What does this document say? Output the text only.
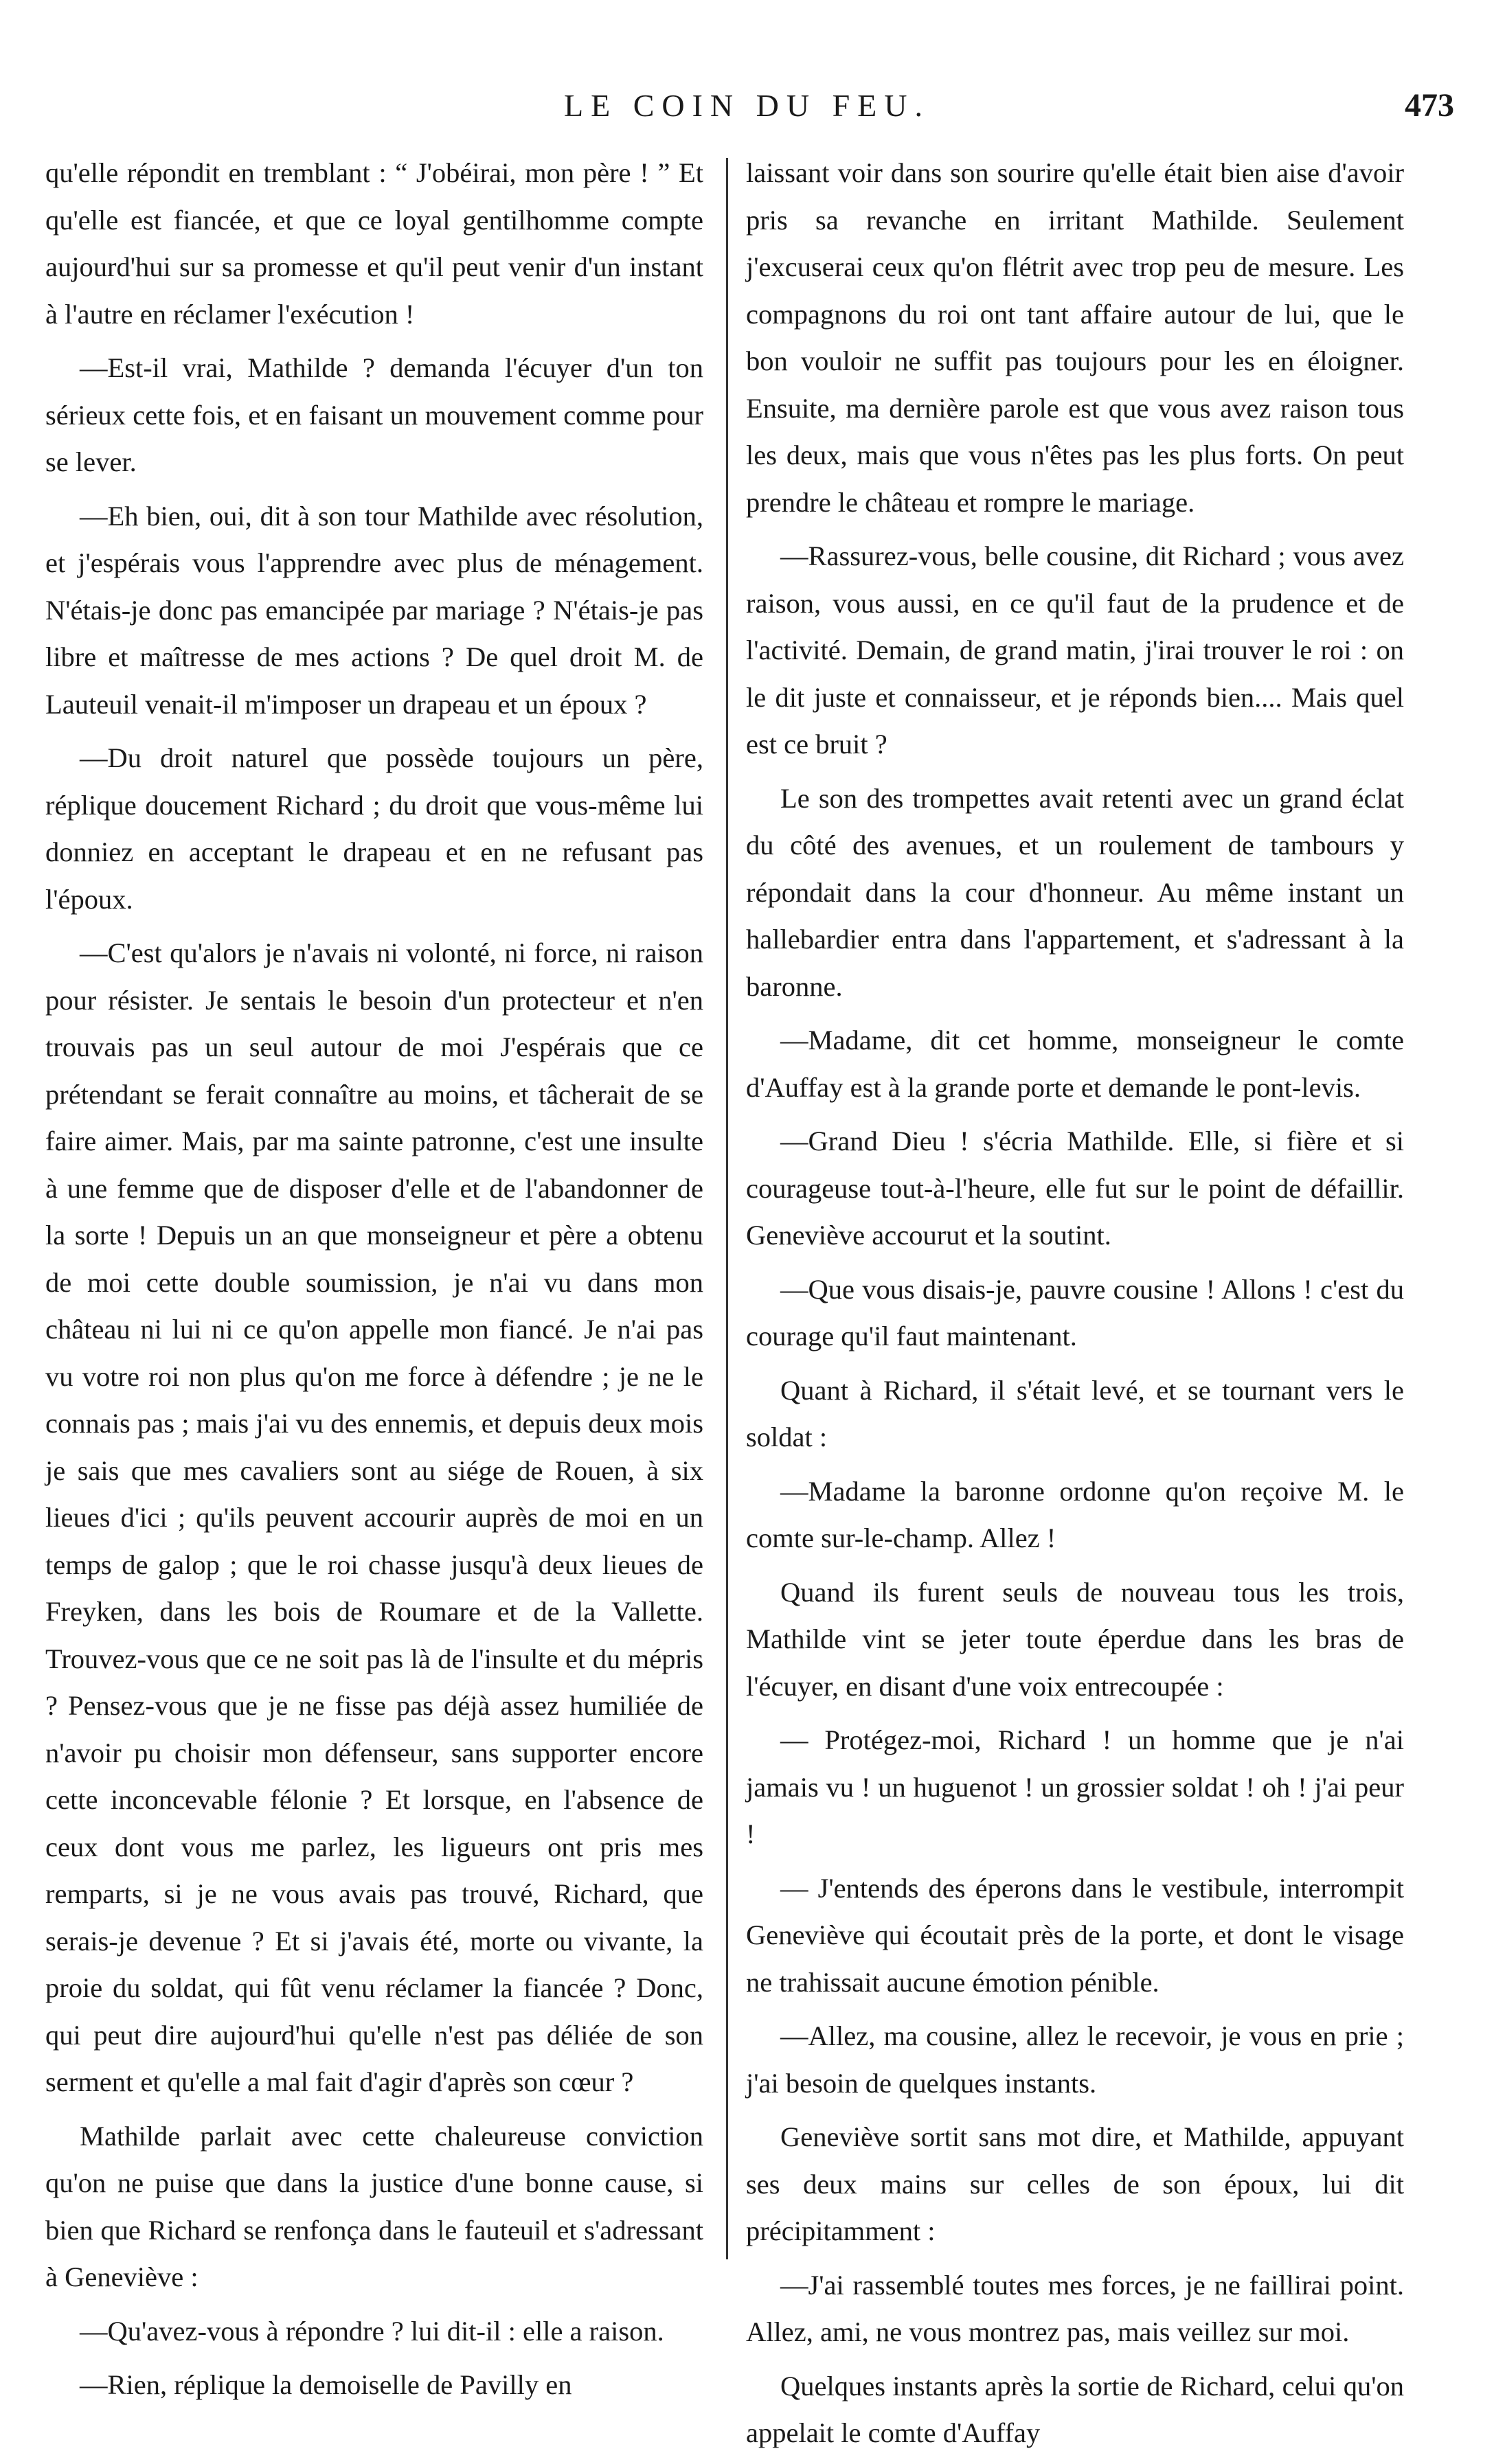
LE COIN DU FEU.	473

qu'elle répondit en tremblant : “ J'obéirai, mon père ! ” Et qu'elle est fiancée, et que ce loyal gentilhomme compte aujourd'hui sur sa promesse et qu'il peut venir d'un instant à l'autre en réclamer l'exécution !

—Est-il vrai, Mathilde ? demanda l'écuyer d'un ton sérieux cette fois, et en faisant un mouvement comme pour se lever.

—Eh bien, oui, dit à son tour Mathilde avec résolution, et j'espérais vous l'apprendre avec plus de ménagement. N'étais-je donc pas emancipée par mariage ? N'étais-je pas libre et maîtresse de mes actions ? De quel droit M. de Lauteuil venait-il m'imposer un drapeau et un époux ?

—Du droit naturel que possède toujours un père, réplique doucement Richard ; du droit que vous-même lui donniez en acceptant le drapeau et en ne refusant pas l'époux.

—C'est qu'alors je n'avais ni volonté, ni force, ni raison pour résister. Je sentais le besoin d'un protecteur et n'en trouvais pas un seul autour de moi J'espérais que ce prétendant se ferait connaître au moins, et tâcherait de se faire aimer. Mais, par ma sainte patronne, c'est une insulte à une femme que de disposer d'elle et de l'abandonner de la sorte ! Depuis un an que monseigneur et père a obtenu de moi cette double soumission, je n'ai vu dans mon château ni lui ni ce qu'on appelle mon fiancé. Je n'ai pas vu votre roi non plus qu'on me force à défendre ; je ne le connais pas ; mais j'ai vu des ennemis, et depuis deux mois je sais que mes cavaliers sont au siége de Rouen, à six lieues d'ici ; qu'ils peuvent accourir auprès de moi en un temps de galop ; que le roi chasse jusqu'à deux lieues de Freyken, dans les bois de Roumare et de la Vallette. Trouvez-vous que ce ne soit pas là de l'insulte et du mépris ? Pensez-vous que je ne fisse pas déjà assez humiliée de n'avoir pu choisir mon défenseur, sans supporter encore cette inconcevable félonie ? Et lorsque, en l'absence de ceux dont vous me parlez, les ligueurs ont pris mes remparts, si je ne vous avais pas trouvé, Richard, que serais-je devenue ? Et si j'avais été, morte ou vivante, la proie du soldat, qui fût venu réclamer la fiancée ? Donc, qui peut dire aujourd'hui qu'elle n'est pas déliée de son serment et qu'elle a mal fait d'agir d'après son cœur ?

Mathilde parlait avec cette chaleureuse conviction qu'on ne puise que dans la justice d'une bonne cause, si bien que Richard se renfonça dans le fauteuil et s'adressant à Geneviève :

—Qu'avez-vous à répondre ? lui dit-il : elle a raison.

—Rien, réplique la demoiselle de Pavilly en

laissant voir dans son sourire qu'elle était bien aise d'avoir pris sa revanche en irritant Mathilde. Seulement j'excuserai ceux qu'on flétrit avec trop peu de mesure. Les compagnons du roi ont tant affaire autour de lui, que le bon vouloir ne suffit pas toujours pour les en éloigner. Ensuite, ma dernière parole est que vous avez raison tous les deux, mais que vous n'êtes pas les plus forts. On peut prendre le château et rompre le mariage.

—Rassurez-vous, belle cousine, dit Richard ; vous avez raison, vous aussi, en ce qu'il faut de la prudence et de l'activité. Demain, de grand matin, j'irai trouver le roi : on le dit juste et connaisseur, et je réponds bien.... Mais quel est ce bruit ?

Le son des trompettes avait retenti avec un grand éclat du côté des avenues, et un roulement de tambours y répondait dans la cour d'honneur. Au même instant un hallebardier entra dans l'appartement, et s'adressant à la baronne.

—Madame, dit cet homme, monseigneur le comte d'Auffay est à la grande porte et demande le pont-levis.

—Grand Dieu ! s'écria Mathilde. Elle, si fière et si courageuse tout-à-l'heure, elle fut sur le point de défaillir. Geneviève accourut et la soutint.

—Que vous disais-je, pauvre cousine ! Allons ! c'est du courage qu'il faut maintenant.

Quant à Richard, il s'était levé, et se tournant vers le soldat :

—Madame la baronne ordonne qu'on reçoive M. le comte sur-le-champ. Allez !

Quand ils furent seuls de nouveau tous les trois, Mathilde vint se jeter toute éperdue dans les bras de l'écuyer, en disant d'une voix entrecoupée :

— Protégez-moi, Richard ! un homme que je n'ai jamais vu ! un huguenot ! un grossier soldat ! oh ! j'ai peur !

— J'entends des éperons dans le vestibule, interrompit Geneviève qui écoutait près de la porte, et dont le visage ne trahissait aucune émotion pénible.

—Allez, ma cousine, allez le recevoir, je vous en prie ; j'ai besoin de quelques instants.

Geneviève sortit sans mot dire, et Mathilde, appuyant ses deux mains sur celles de son époux, lui dit précipitamment :

—J'ai rassemblé toutes mes forces, je ne faillirai point. Allez, ami, ne vous montrez pas, mais veillez sur moi.

Quelques instants après la sortie de Richard, celui qu'on appelait le comte d'Auffay
